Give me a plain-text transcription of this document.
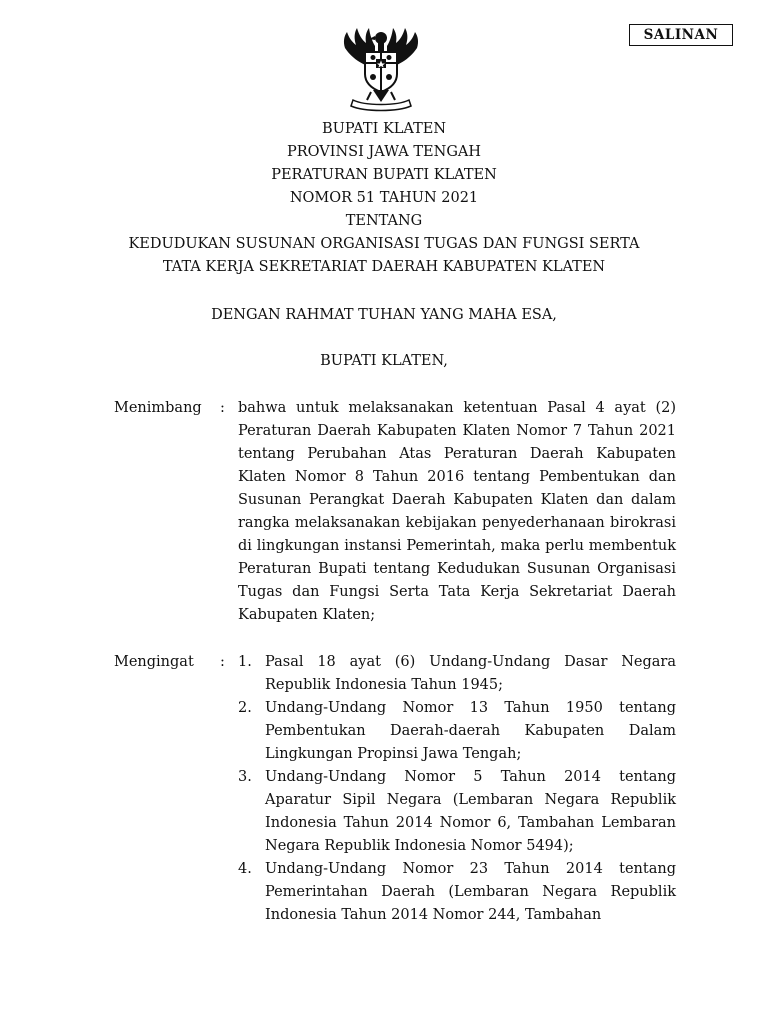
SALINAN
BUPATI KLATEN
PROVINSI JAWA TENGAH
PERATURAN BUPATI KLATEN
NOMOR 51 TAHUN 2021
TENTANG
KEDUDUKAN SUSUNAN ORGANISASI TUGAS DAN FUNGSI SERTA
TATA KERJA SEKRETARIAT DAERAH KABUPATEN KLATEN
DENGAN RAHMAT TUHAN YANG MAHA ESA,
BUPATI KLATEN,
Menimbang : bahwa untuk melaksanakan ketentuan Pasal 4 ayat (2) Peraturan Daerah Kabupaten Klaten Nomor 7 Tahun 2021 tentang Perubahan Atas Peraturan Daerah Kabupaten Klaten Nomor 8 Tahun 2016 tentang Pembentukan dan Susunan Perangkat Daerah Kabupaten Klaten dan dalam rangka melaksanakan kebijakan penyederhanaan birokrasi di lingkungan instansi Pemerintah, maka perlu membentuk Peraturan Bupati tentang Kedudukan Susunan Organisasi Tugas dan Fungsi Serta Tata Kerja Sekretariat Daerah Kabupaten Klaten;
Mengingat : 1. Pasal 18 ayat (6) Undang-Undang Dasar Negara Republik Indonesia Tahun 1945;
2. Undang-Undang Nomor 13 Tahun 1950 tentang Pembentukan Daerah-daerah Kabupaten Dalam Lingkungan Propinsi Jawa Tengah;
3. Undang-Undang Nomor 5 Tahun 2014 tentang Aparatur Sipil Negara (Lembaran Negara Republik Indonesia Tahun 2014 Nomor 6, Tambahan Lembaran Negara Republik Indonesia Nomor 5494);
4. Undang-Undang Nomor 23 Tahun 2014 tentang Pemerintahan Daerah (Lembaran Negara Republik Indonesia Tahun 2014 Nomor 244, Tambahan
